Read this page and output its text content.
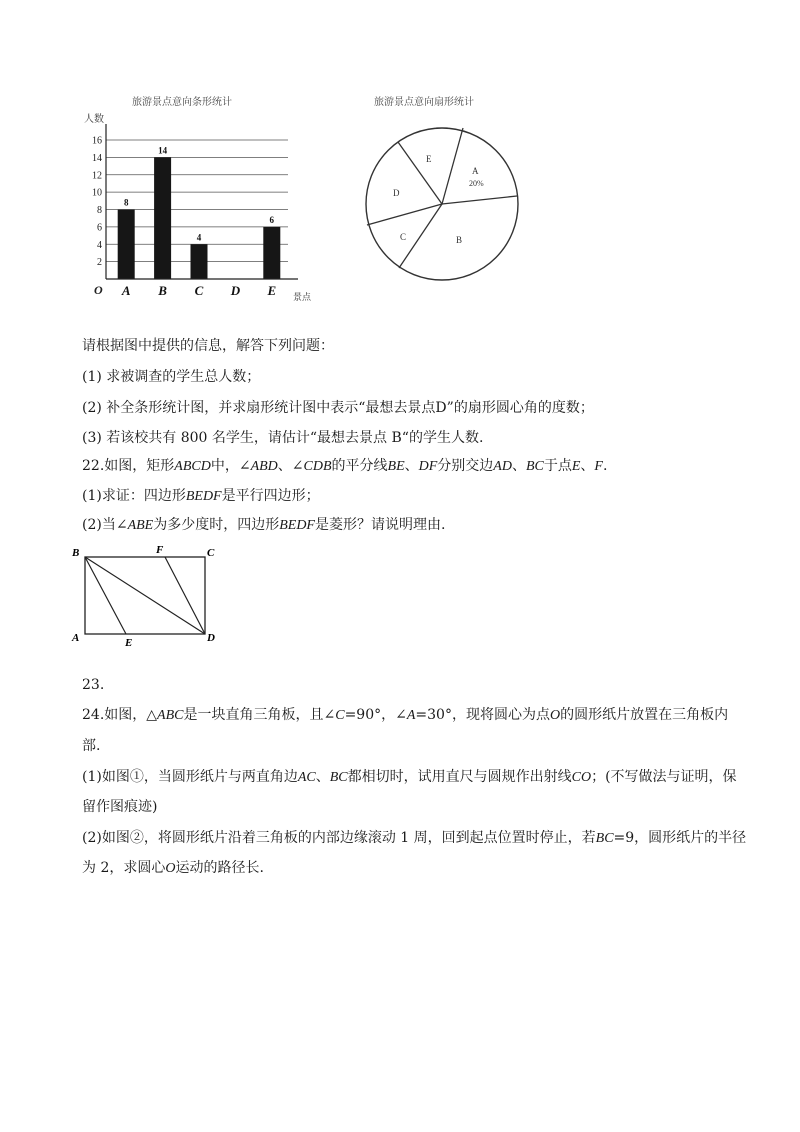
旅游景点意向条形统计
人数
2
4
6
8
10
12
14
16
8
14
4
6
A B C D E
O	景点
旅游景点意向扇形统计
A
20%
B
C
D
E
请根据图中提供的信息，解答下列问题：
(1) 求被调查的学生总人数；
(2) 补全条形统计图，并求扇形统计图中表示“最想去景点D”的扇形圆心角的度数；
(3) 若该校共有 800 名学生，请估计“最想去景点 B“的学生人数.
22.如图，矩形ABCD中，∠ABD、∠CDB的平分线BE、DF分别交边AD、BC于点E、F.
(1)求证：四边形BEDF是平行四边形；
(2)当∠ABE为多少度时，四边形BEDF是菱形？请说明理由.
B	F	C
A	E	D
23.
24.如图，△ABC是一块直角三角板，且∠C=90°，∠A=30°，现将圆心为点O的圆形纸片放置在三角板内
部.
(1)如图①，当圆形纸片与两直角边AC、BC都相切时，试用直尺与圆规作出射线CO；(不写做法与证明，保
留作图痕迹)
(2)如图②，将圆形纸片沿着三角板的内部边缘滚动 1 周，回到起点位置时停止，若BC=9，圆形纸片的半径
为 2，求圆心O运动的路径长.
